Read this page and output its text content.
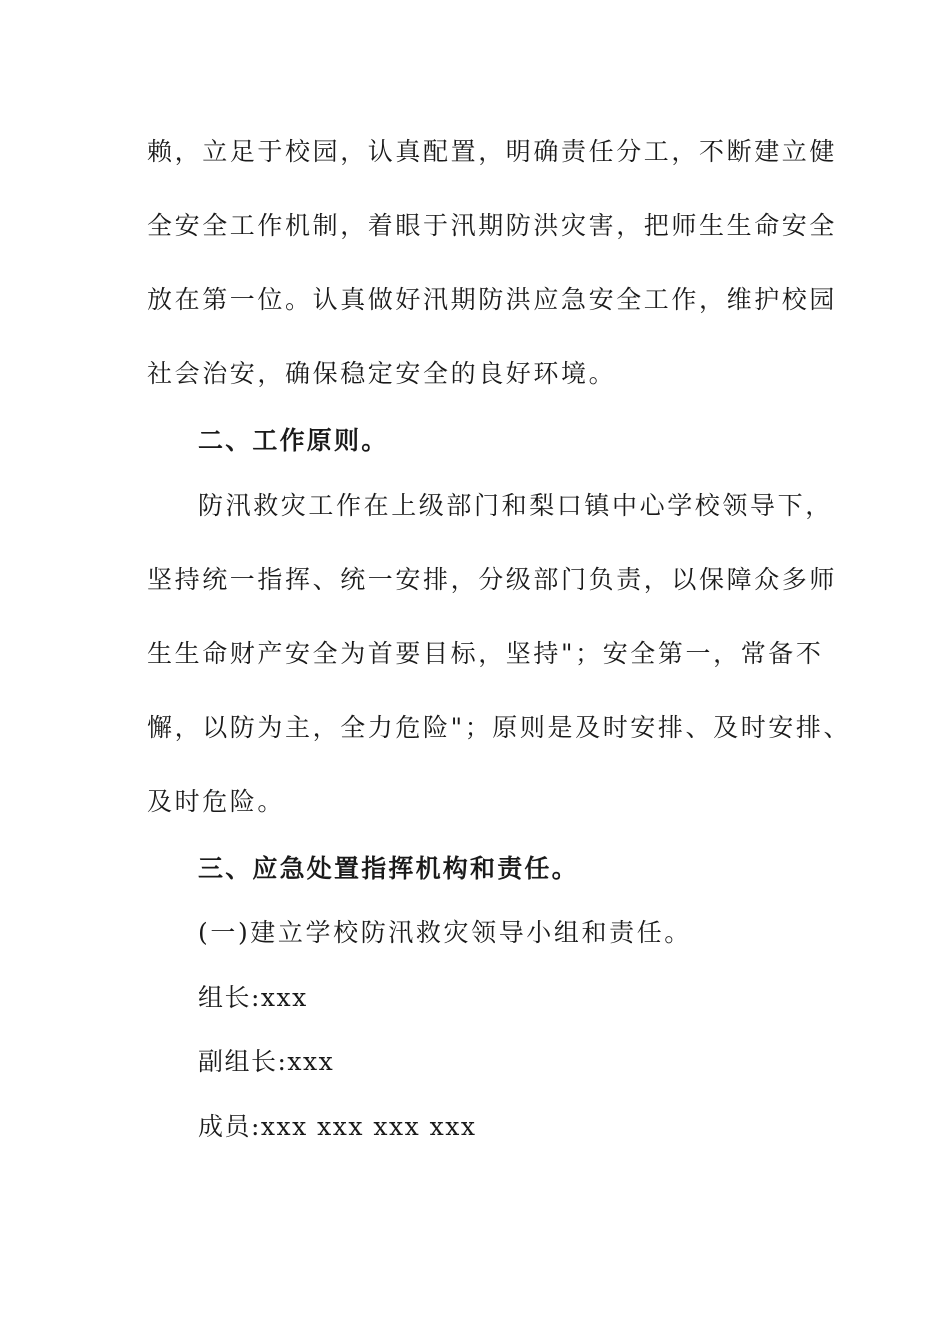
赖，立足于校园，认真配置，明确责任分工，不断建立健
全安全工作机制，着眼于汛期防洪灾害，把师生生命安全
放在第一位。认真做好汛期防洪应急安全工作，维护校园
社会治安，确保稳定安全的良好环境。
二、工作原则。
防汛救灾工作在上级部门和梨口镇中心学校领导下，
坚持统一指挥、统一安排，分级部门负责，以保障众多师
生生命财产安全为首要目标，坚持"；安全第一，常备不
懈，以防为主，全力危险"；原则是及时安排、及时安排、
及时危险。
三、应急处置指挥机构和责任。
(一)建立学校防汛救灾领导小组和责任。
组长:xxx
副组长:xxx
成员:xxx xxx xxx xxx
